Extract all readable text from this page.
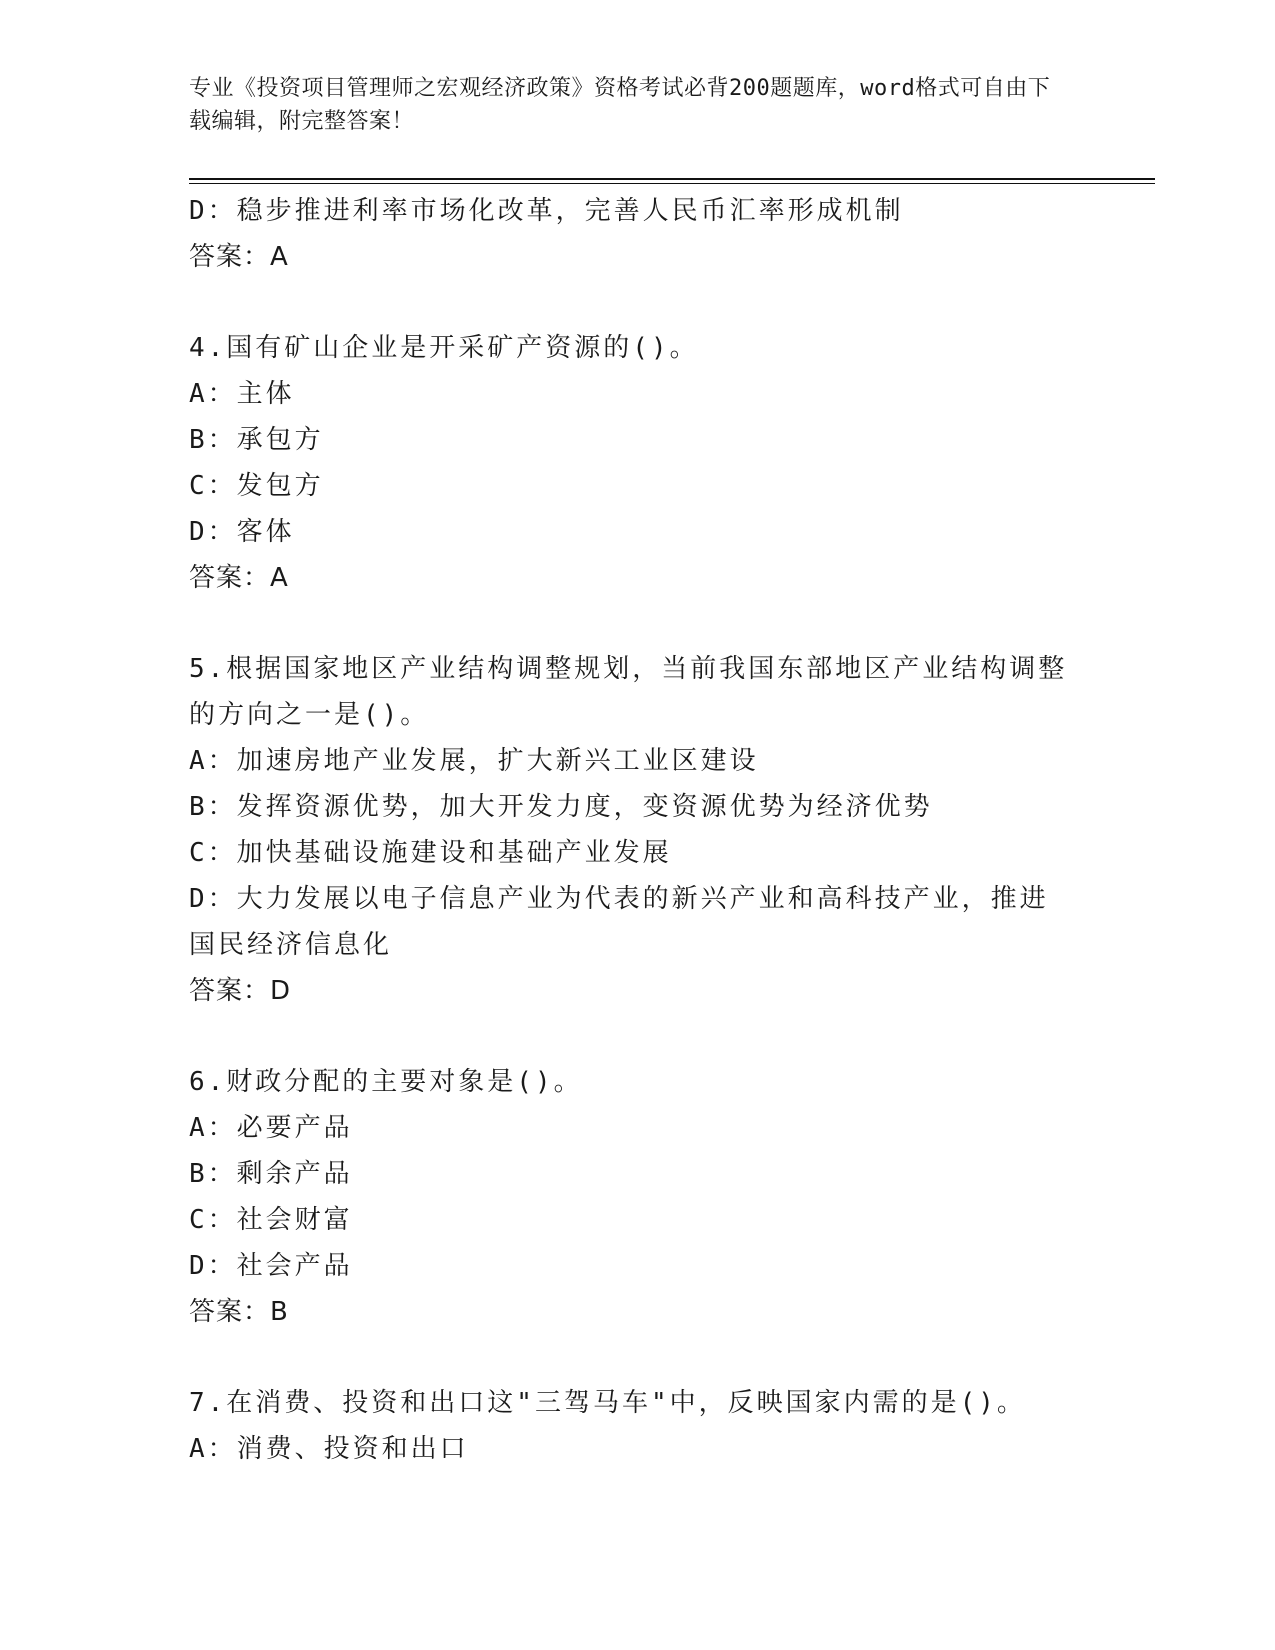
专业《投资项目管理师之宏观经济政策》资格考试必背200题题库，word格式可自由下载编辑，附完整答案！
D：稳步推进利率市场化改革，完善人民币汇率形成机制
答案：A
4.国有矿山企业是开采矿产资源的()。
A：主体
B：承包方
C：发包方
D：客体
答案：A
5.根据国家地区产业结构调整规划，当前我国东部地区产业结构调整的方向之一是()。
A：加速房地产业发展，扩大新兴工业区建设
B：发挥资源优势，加大开发力度，变资源优势为经济优势
C：加快基础设施建设和基础产业发展
D：大力发展以电子信息产业为代表的新兴产业和高科技产业，推进国民经济信息化
答案：D
6.财政分配的主要对象是()。
A：必要产品
B：剩余产品
C：社会财富
D：社会产品
答案：B
7.在消费、投资和出口这"三驾马车"中，反映国家内需的是()。
A：消费、投资和出口
